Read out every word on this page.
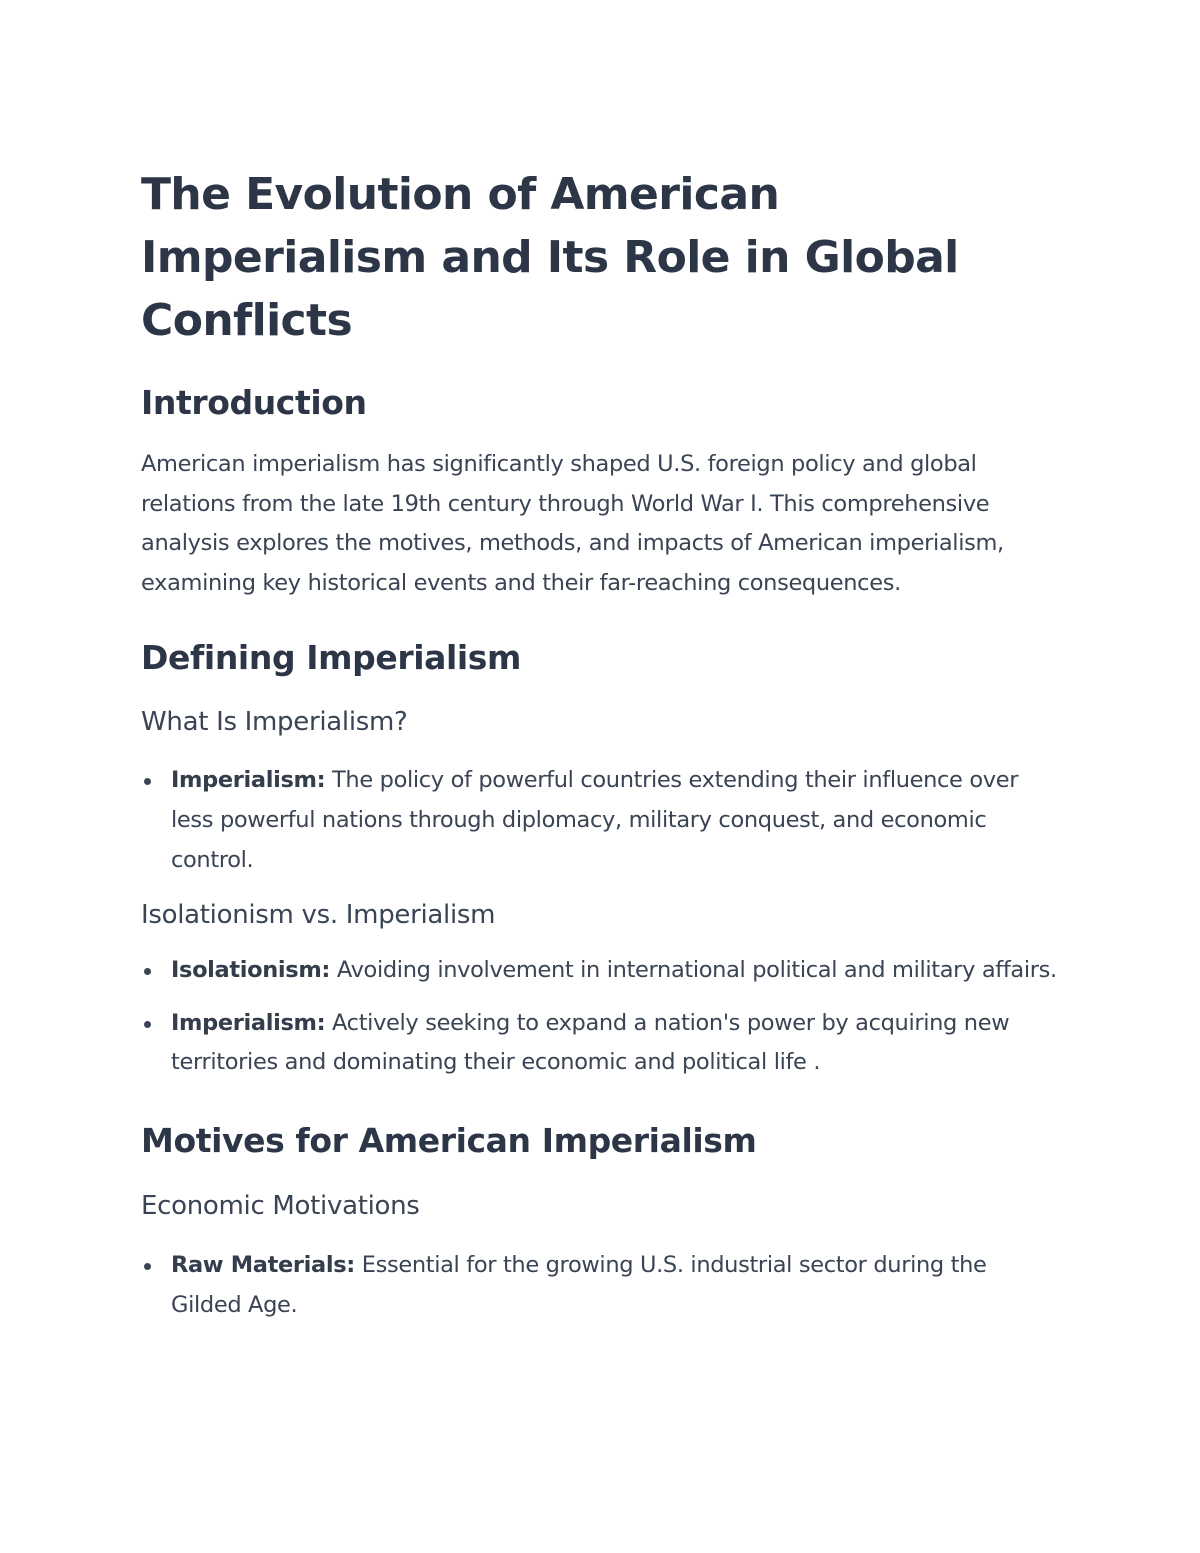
The Evolution of American Imperialism and Its Role in Global Conflicts
Introduction

American imperialism has significantly shaped U.S. foreign policy and global relations from the late 19th century through World War I. This comprehensive analysis explores the motives, methods, and impacts of American imperialism, examining key historical events and their far-reaching consequences.

Defining Imperialism
What Is Imperialism?
Imperialism: The policy of powerful countries extending their influence over less powerful nations through diplomacy, military conquest, and economic control.
Isolationism vs. Imperialism
Isolationism: Avoiding involvement in international political and military affairs.
Imperialism: Actively seeking to expand a nation's power by acquiring new territories and dominating their economic and political life .
Motives for American Imperialism
Economic Motivations
Raw Materials: Essential for the growing U.S. industrial sector during the Gilded Age.
